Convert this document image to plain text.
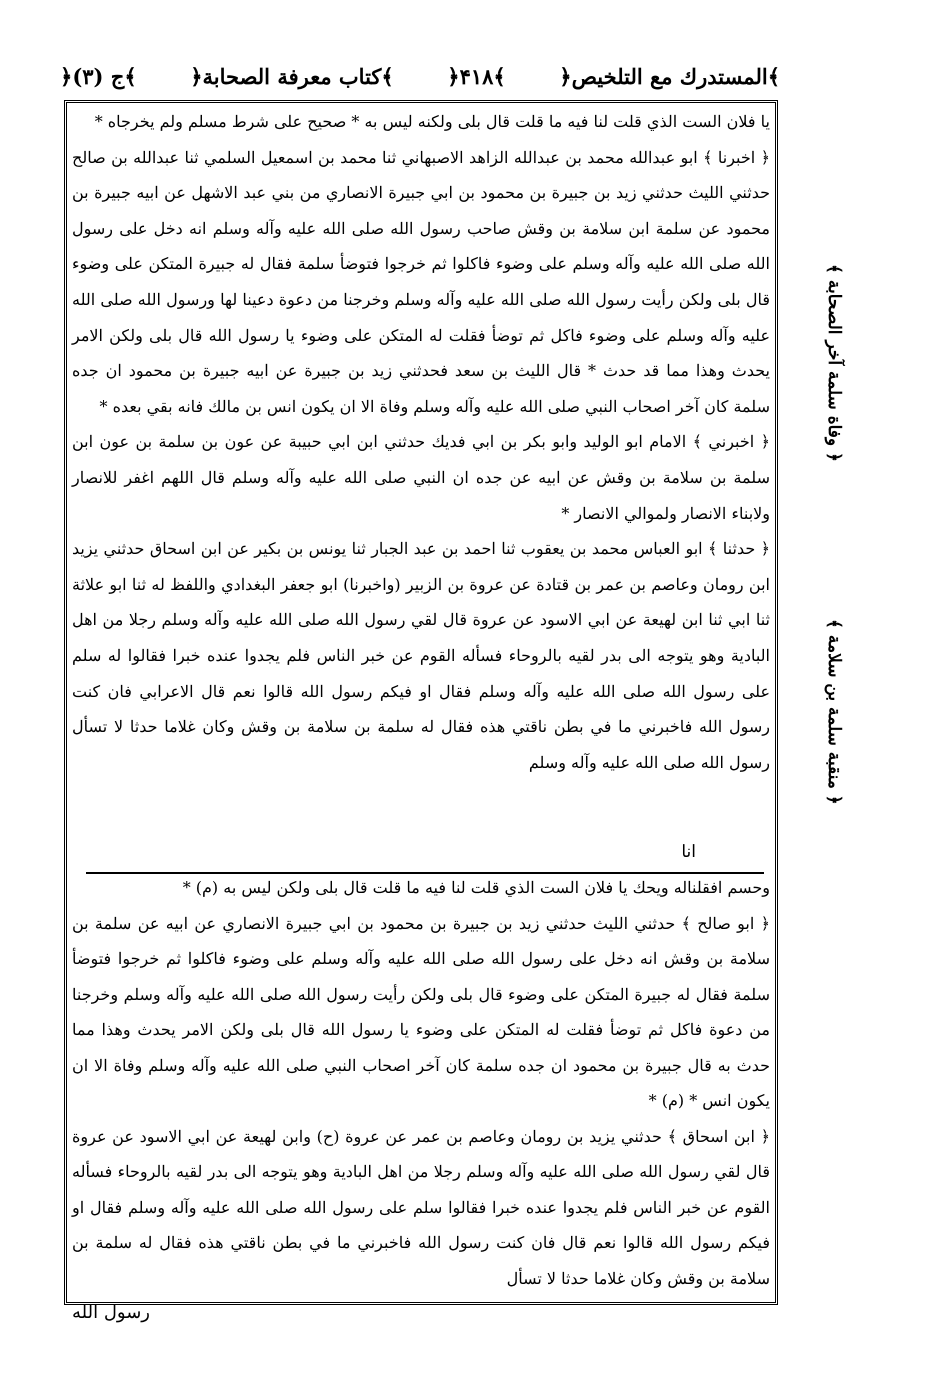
﴿المستدرك مع التلخيص﴾
﴿۴۱۸﴾
﴿كتاب معرفة الصحابة﴾
﴿ج (۳)﴾

يا فلان الست الذي قلت لنا فيه ما قلت قال بلى ولكنه ليس به * صحيح على شرط مسلم ولم يخرجاه *

﴿ اخبرنا ﴾ ابو عبدالله محمد بن عبدالله الزاهد الاصبهاني ثنا محمد بن اسمعيل السلمي ثنا عبدالله بن صالح حدثني الليث حدثني زيد بن جبيرة بن محمود بن ابي جبيرة الانصاري من بني عبد الاشهل عن ابيه جبيرة بن محمود عن سلمة ابن سلامة بن وقش صاحب رسول الله صلى الله عليه وآله وسلم انه دخل على رسول الله صلى الله عليه وآله وسلم على وضوء فاكلوا ثم خرجوا فتوضأ سلمة فقال له جبيرة المتكن على وضوء قال بلى ولكن رأيت رسول الله صلى الله عليه وآله وسلم وخرجنا من دعوة دعينا لها ورسول الله صلى الله عليه وآله وسلم على وضوء فاكل ثم توضأ فقلت له المتكن على وضوء يا رسول الله قال بلى ولكن الامر يحدث وهذا مما قد حدث * قال الليث بن سعد فحدثني زيد بن جبيرة عن ابيه جبيرة بن محمود ان جده سلمة كان آخر اصحاب النبي صلى الله عليه وآله وسلم وفاة الا ان يكون انس بن مالك فانه بقي بعده *

﴿ اخبرني ﴾ الامام ابو الوليد وابو بكر بن ابي فديك حدثني ابن ابي حبيبة عن عون بن سلمة بن عون ابن سلمة بن سلامة بن وقش عن ابيه عن جده ان النبي صلى الله عليه وآله وسلم قال اللهم اغفر للانصار ولابناء الانصار ولموالي الانصار *

﴿ حدثنا ﴾ ابو العباس محمد بن يعقوب ثنا احمد بن عبد الجبار ثنا يونس بن بكير عن ابن اسحاق حدثني يزيد ابن رومان وعاصم بن عمر بن قتادة عن عروة بن الزبير (واخبرنا) ابو جعفر البغدادي واللفظ له ثنا ابو علاثة ثنا ابي ثنا ابن لهيعة عن ابي الاسود عن عروة قال لقي رسول الله صلى الله عليه وآله وسلم رجلا من اهل البادية وهو يتوجه الى بدر لقيه بالروحاء فسأله القوم عن خبر الناس فلم يجدوا عنده خبرا فقالوا له سلم على رسول الله صلى الله عليه وآله وسلم فقال او فيكم رسول الله قالوا نعم قال الاعرابي فان كنت رسول الله فاخبرني ما في بطن ناقتي هذه فقال له سلمة بن سلامة بن وقش وكان غلاما حدثا لا تسأل رسول الله صلى الله عليه وآله وسلم

انا

وحسم افقلناله ويحك يا فلان الست الذي قلت لنا فيه ما قلت قال بلى ولكن ليس به (م) *

﴿ ابو صالح ﴾ حدثني الليث حدثني زيد بن جبيرة بن محمود بن ابي جبيرة الانصاري عن ابيه عن سلمة بن سلامة بن وقش انه دخل على رسول الله صلى الله عليه وآله وسلم على وضوء فاكلوا ثم خرجوا فتوضأ سلمة فقال له جبيرة المتكن على وضوء قال بلى ولكن رأيت رسول الله صلى الله عليه وآله وسلم وخرجنا من دعوة فاكل ثم توضأ فقلت له المتكن على وضوء يا رسول الله قال بلى ولكن الامر يحدث وهذا مما حدث به قال جبيرة بن محمود ان جده سلمة كان آخر اصحاب النبي صلى الله عليه وآله وسلم وفاة الا ان يكون انس * (م) *

﴿ ابن اسحاق ﴾ حدثني يزيد بن رومان وعاصم بن عمر عن عروة (ح) وابن لهيعة عن ابي الاسود عن عروة قال لقي رسول الله صلى الله عليه وآله وسلم رجلا من اهل البادية وهو يتوجه الى بدر لقيه بالروحاء فسأله القوم عن خبر الناس فلم يجدوا عنده خبرا فقالوا سلم على رسول الله صلى الله عليه وآله وسلم فقال او فيكم رسول الله قالوا نعم قال فان كنت رسول الله فاخبرني ما في بطن ناقتي هذه فقال له سلمة بن سلامة بن وقش وكان غلاما حدثا لا تسأل

﴿ وفاة سلمة آخر الصحابة ﴾
﴿ منقبة سلمة بن سلامة ﴾
رسول الله
